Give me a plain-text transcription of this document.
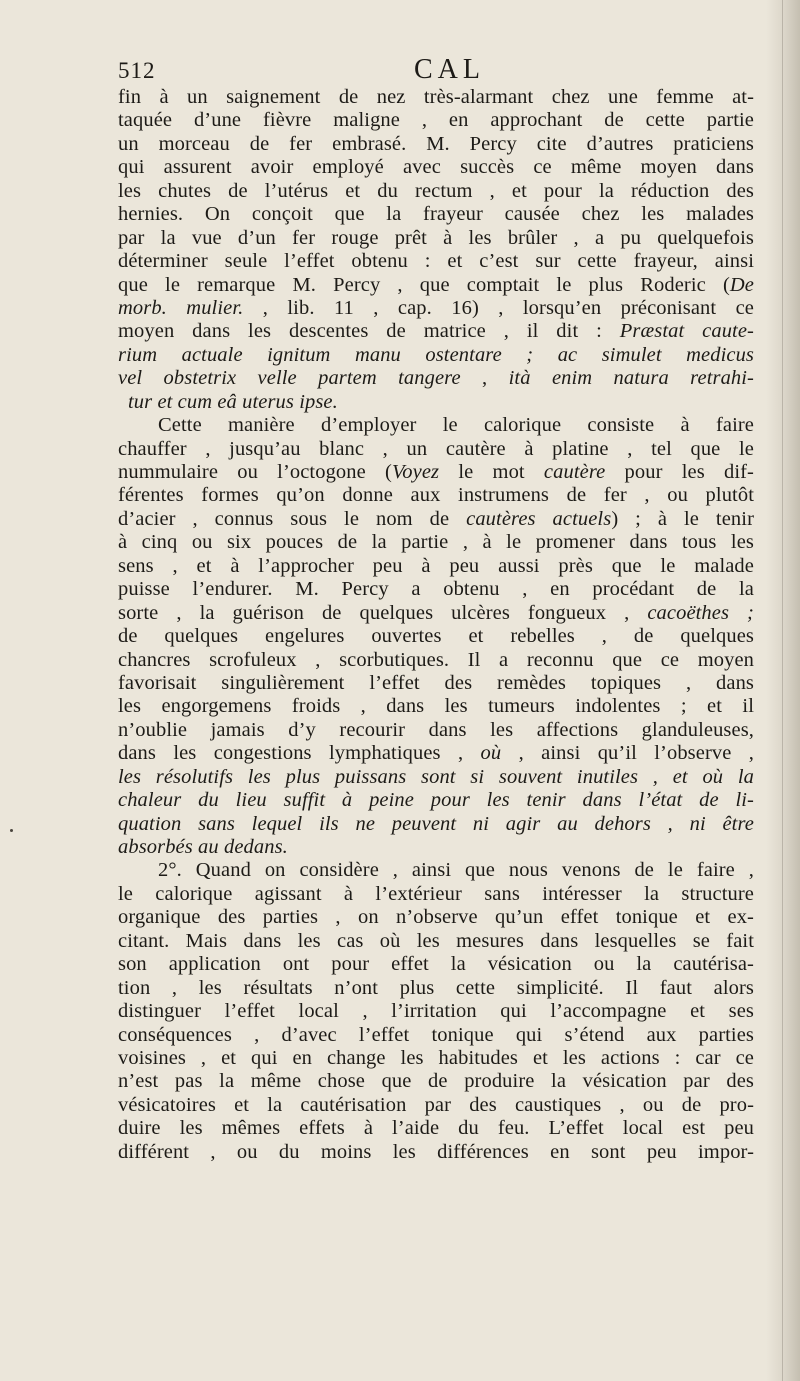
512	CAL
fin à un saignement de nez très-alarmant chez une femme at-
taquée d’une fièvre maligne , en approchant de cette partie
un morceau de fer embrasé. M. Percy cite d’autres praticiens
qui assurent avoir employé avec succès ce même moyen dans
les chutes de l’utérus et du rectum , et pour la réduction des
hernies. On conçoit que la frayeur causée chez les malades
par la vue d’un fer rouge prêt à les brûler , a pu quelquefois
déterminer seule l’effet obtenu : et c’est sur cette frayeur, ainsi
que le remarque M. Percy , que comptait le plus Roderic (De
morb. mulier. , lib. 11 , cap. 16) , lorsqu’en préconisant ce
moyen dans les descentes de matrice , il dit : Præstat caute-
rium actuale ignitum manu ostentare ; ac simulet medicus
vel obstetrix velle partem tangere , ità enim natura retrahi-
tur et cum eâ uterus ipse.
Cette manière d’employer le calorique consiste à faire
chauffer , jusqu’au blanc , un cautère à platine , tel que le
nummulaire ou l’octogone (Voyez le mot cautère pour les dif-
férentes formes qu’on donne aux instrumens de fer , ou plutôt
d’acier , connus sous le nom de cautères actuels) ; à le tenir
à cinq ou six pouces de la partie , à le promener dans tous les
sens , et à l’approcher peu à peu aussi près que le malade
puisse l’endurer. M. Percy a obtenu , en procédant de la
sorte , la guérison de quelques ulcères fongueux , cacoëthes ;
de quelques engelures ouvertes et rebelles , de quelques
chancres scrofuleux , scorbutiques. Il a reconnu que ce moyen
favorisait singulièrement l’effet des remèdes topiques , dans
les engorgemens froids , dans les tumeurs indolentes ; et il
n’oublie jamais d’y recourir dans les affections glanduleuses,
dans les congestions lymphatiques , où , ainsi qu’il l’observe ,
les résolutifs les plus puissans sont si souvent inutiles , et où la
chaleur du lieu suffit à peine pour les tenir dans l’état de li-
quation sans lequel ils ne peuvent ni agir au dehors , ni être
absorbés au dedans.
2°. Quand on considère , ainsi que nous venons de le faire ,
le calorique agissant à l’extérieur sans intéresser la structure
organique des parties , on n’observe qu’un effet tonique et ex-
citant. Mais dans les cas où les mesures dans lesquelles se fait
son application ont pour effet la vésication ou la cautérisa-
tion , les résultats n’ont plus cette simplicité. Il faut alors
distinguer l’effet local , l’irritation qui l’accompagne et ses
conséquences , d’avec l’effet tonique qui s’étend aux parties
voisines , et qui en change les habitudes et les actions : car ce
n’est pas la même chose que de produire la vésication par des
vésicatoires et la cautérisation par des caustiques , ou de pro-
duire les mêmes effets à l’aide du feu. L’effet local est peu
différent , ou du moins les différences en sont peu impor-
